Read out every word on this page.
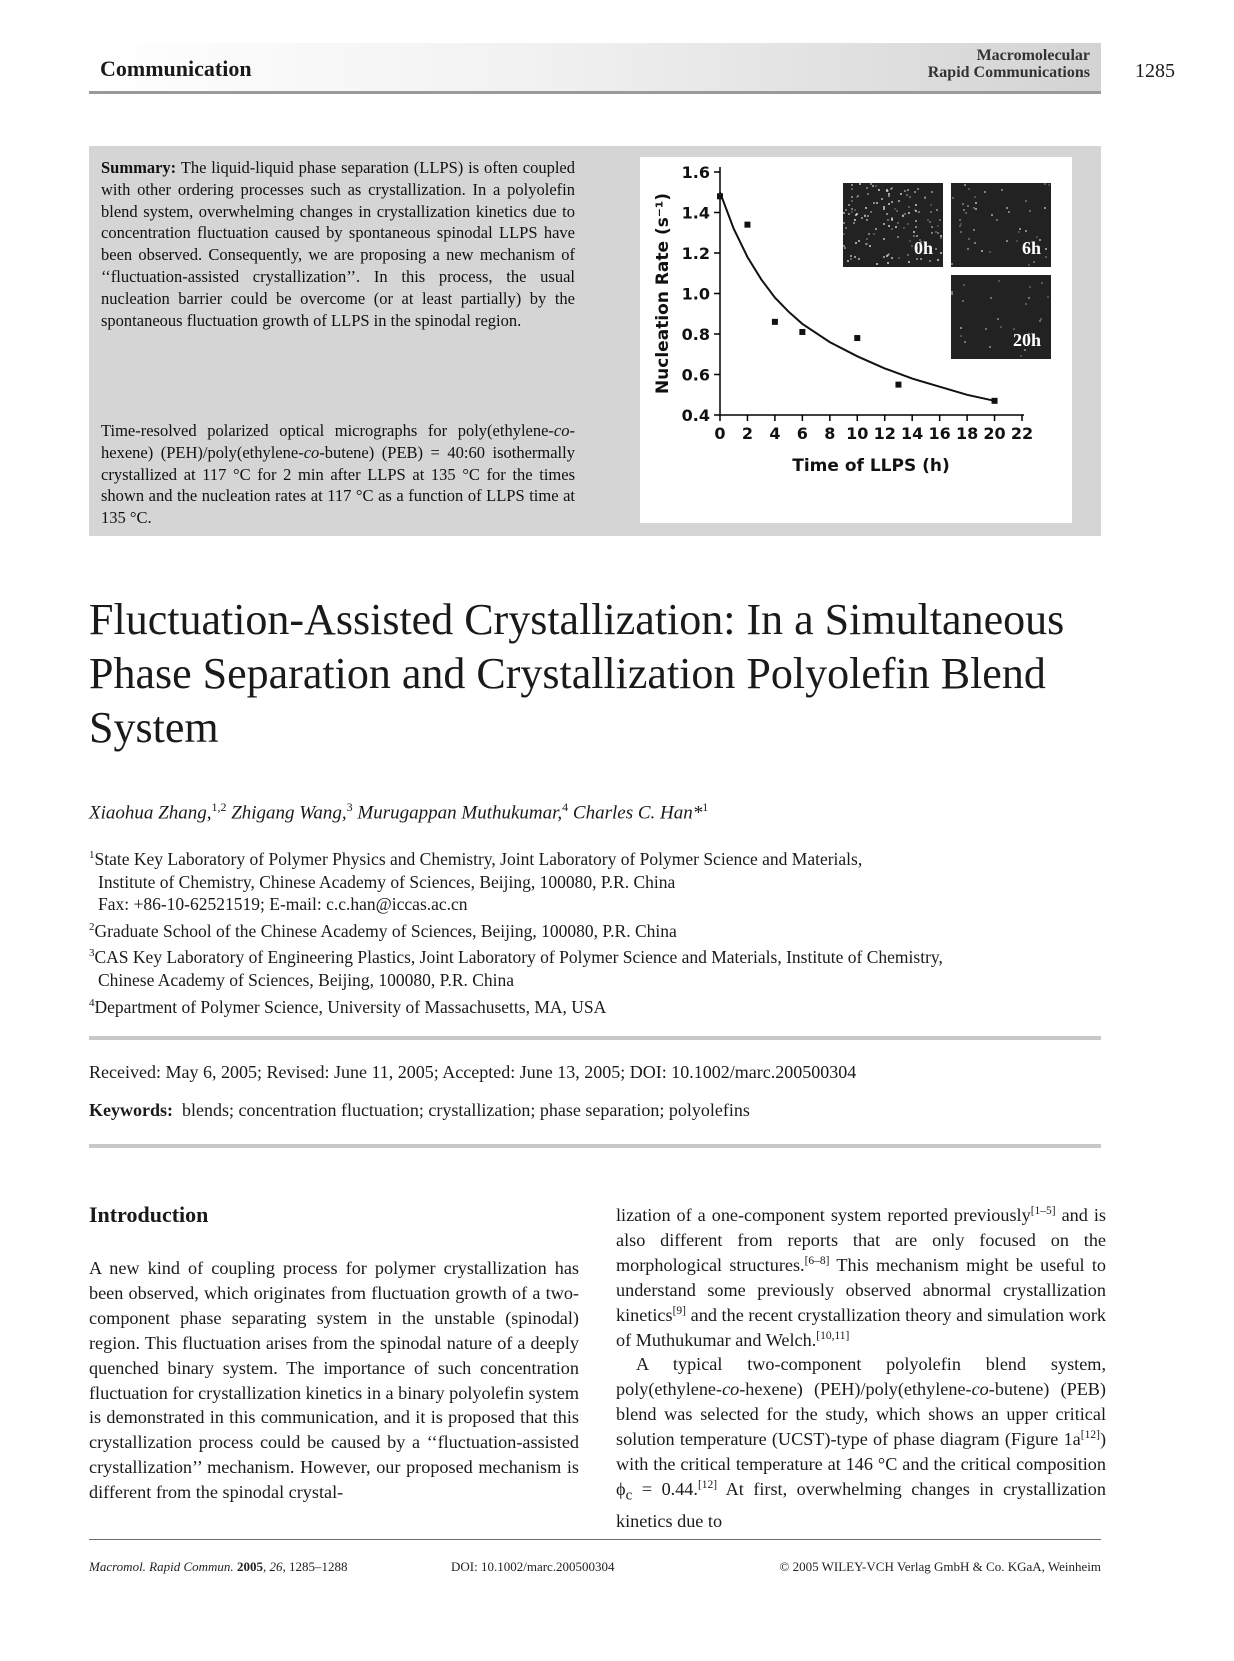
Communication
Macromolecular
Rapid Communications 1285
Summary: The liquid-liquid phase separation (LLPS) is often coupled with other ordering processes such as crystallization. In a polyolefin blend system, overwhelming changes in crystallization kinetics due to concentration fluctuation caused by spontaneous spinodal LLPS have been observed. Consequently, we are proposing a new mechanism of ‘‘fluctuation-assisted crystallization’’. In this process, the usual nucleation barrier could be overcome (or at least partially) by the spontaneous fluctuation growth of LLPS in the spinodal region.
Time-resolved polarized optical micrographs for poly(ethylene-co-hexene) (PEH)/poly(ethylene-co-butene) (PEB) = 40:60 isothermally crystallized at 117 °C for 2 min after LLPS at 135 °C for the times shown and the nucleation rates at 117 °C as a function of LLPS time at 135 °C.
0.4
0.6
0.8
1.0
1.2
1.4
1.6
0 2 4 6 8 10 12 14 16 18 20 22
Time of LLPS (h)
Nucleation Rate (s⁻¹)	0h	6h
20h
Fluctuation-Assisted Crystallization: In a Simultaneous Phase Separation and Crystallization Polyolefin Blend System
Xiaohua Zhang,$^{1,2}$ Zhigang Wang,$^3$ Murugappan Muthukumar,$^4$ Charles C. Han*$^1$
$^1$State Key Laboratory of Polymer Physics and Chemistry, Joint Laboratory of Polymer Science and Materials,
Institute of Chemistry, Chinese Academy of Sciences, Beijing, 100080, P.R. China
Fax: +86-10-62521519; E-mail: c.c.han@iccas.ac.cn
$^2$Graduate School of the Chinese Academy of Sciences, Beijing, 100080, P.R. China
$^3$CAS Key Laboratory of Engineering Plastics, Joint Laboratory of Polymer Science and Materials, Institute of Chemistry,
Chinese Academy of Sciences, Beijing, 100080, P.R. China
$^4$Department of Polymer Science, University of Massachusetts, MA, USA
Received: May 6, 2005; Revised: June 11, 2005; Accepted: June 13, 2005; DOI: 10.1002/marc.200500304
Keywords: blends; concentration fluctuation; crystallization; phase separation; polyolefins
Introduction

A new kind of coupling process for polymer crystallization has been observed, which originates from fluctuation growth of a two-component phase separating system in the unstable (spinodal) region. This fluctuation arises from the spinodal nature of a deeply quenched binary system. The importance of such concentration fluctuation for crystallization kinetics in a binary polyolefin system is demonstrated in this communication, and it is proposed that this crystallization process could be caused by a ‘‘fluctuation-assisted crystallization’’ mechanism. However, our proposed mechanism is different from the spinodal crystal-

lization of a one-component system reported previously[1–5] and is also different from reports that are only focused on the morphological structures.[6–8] This mechanism might be useful to understand some previously observed abnormal crystallization kinetics[9] and the recent crystallization theory and simulation work of Muthukumar and Welch.[10,11]

A typical two-component polyolefin blend system, poly(ethylene-co-hexene) (PEH)/poly(ethylene-co-butene) (PEB) blend was selected for the study, which shows an upper critical solution temperature (UCST)-type of phase diagram (Figure 1a[12]) with the critical temperature at 146 °C and the critical composition $\phi_c = 0.44.[12]$ At first, overwhelming changes in crystallization kinetics due to

Macromol. Rapid Commun. 2005, 26, 1285–1288	DOI: 10.1002/marc.200500304	© 2005 WILEY-VCH Verlag GmbH & Co. KGaA, Weinheim
